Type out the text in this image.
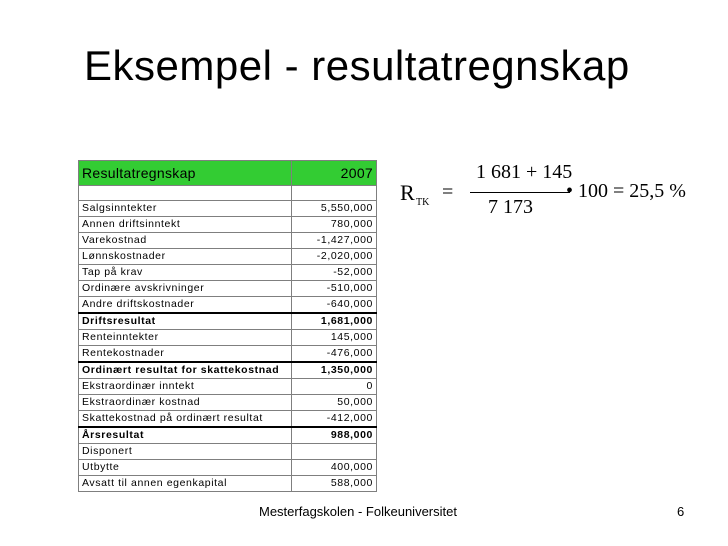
Eksempel - resultatregnskap
Resultatregnskap	2007

Salgsinntekter	5,550,000
Annen driftsinntekt	780,000
Varekostnad	-1,427,000
Lønnskostnader	-2,020,000
Tap på krav	-52,000
Ordinære avskrivninger	-510,000
Andre driftskostnader	-640,000
Driftsresultat	1,681,000
Renteinntekter	145,000
Rentekostnader	-476,000
Ordinært resultat for skattekostnad	1,350,000
Ekstraordinær inntekt	0
Ekstraordinær kostnad	50,000
Skattekostnad på ordinært resultat	-412,000
Årsresultat	988,000
Disponert	
Utbytte	400,000
Avsatt til annen egenkapital	588,000
R TK =
1 681 + 145
7 173
• 100 = 25,5 %
Mesterfagskolen - Folkeuniversitet	6
